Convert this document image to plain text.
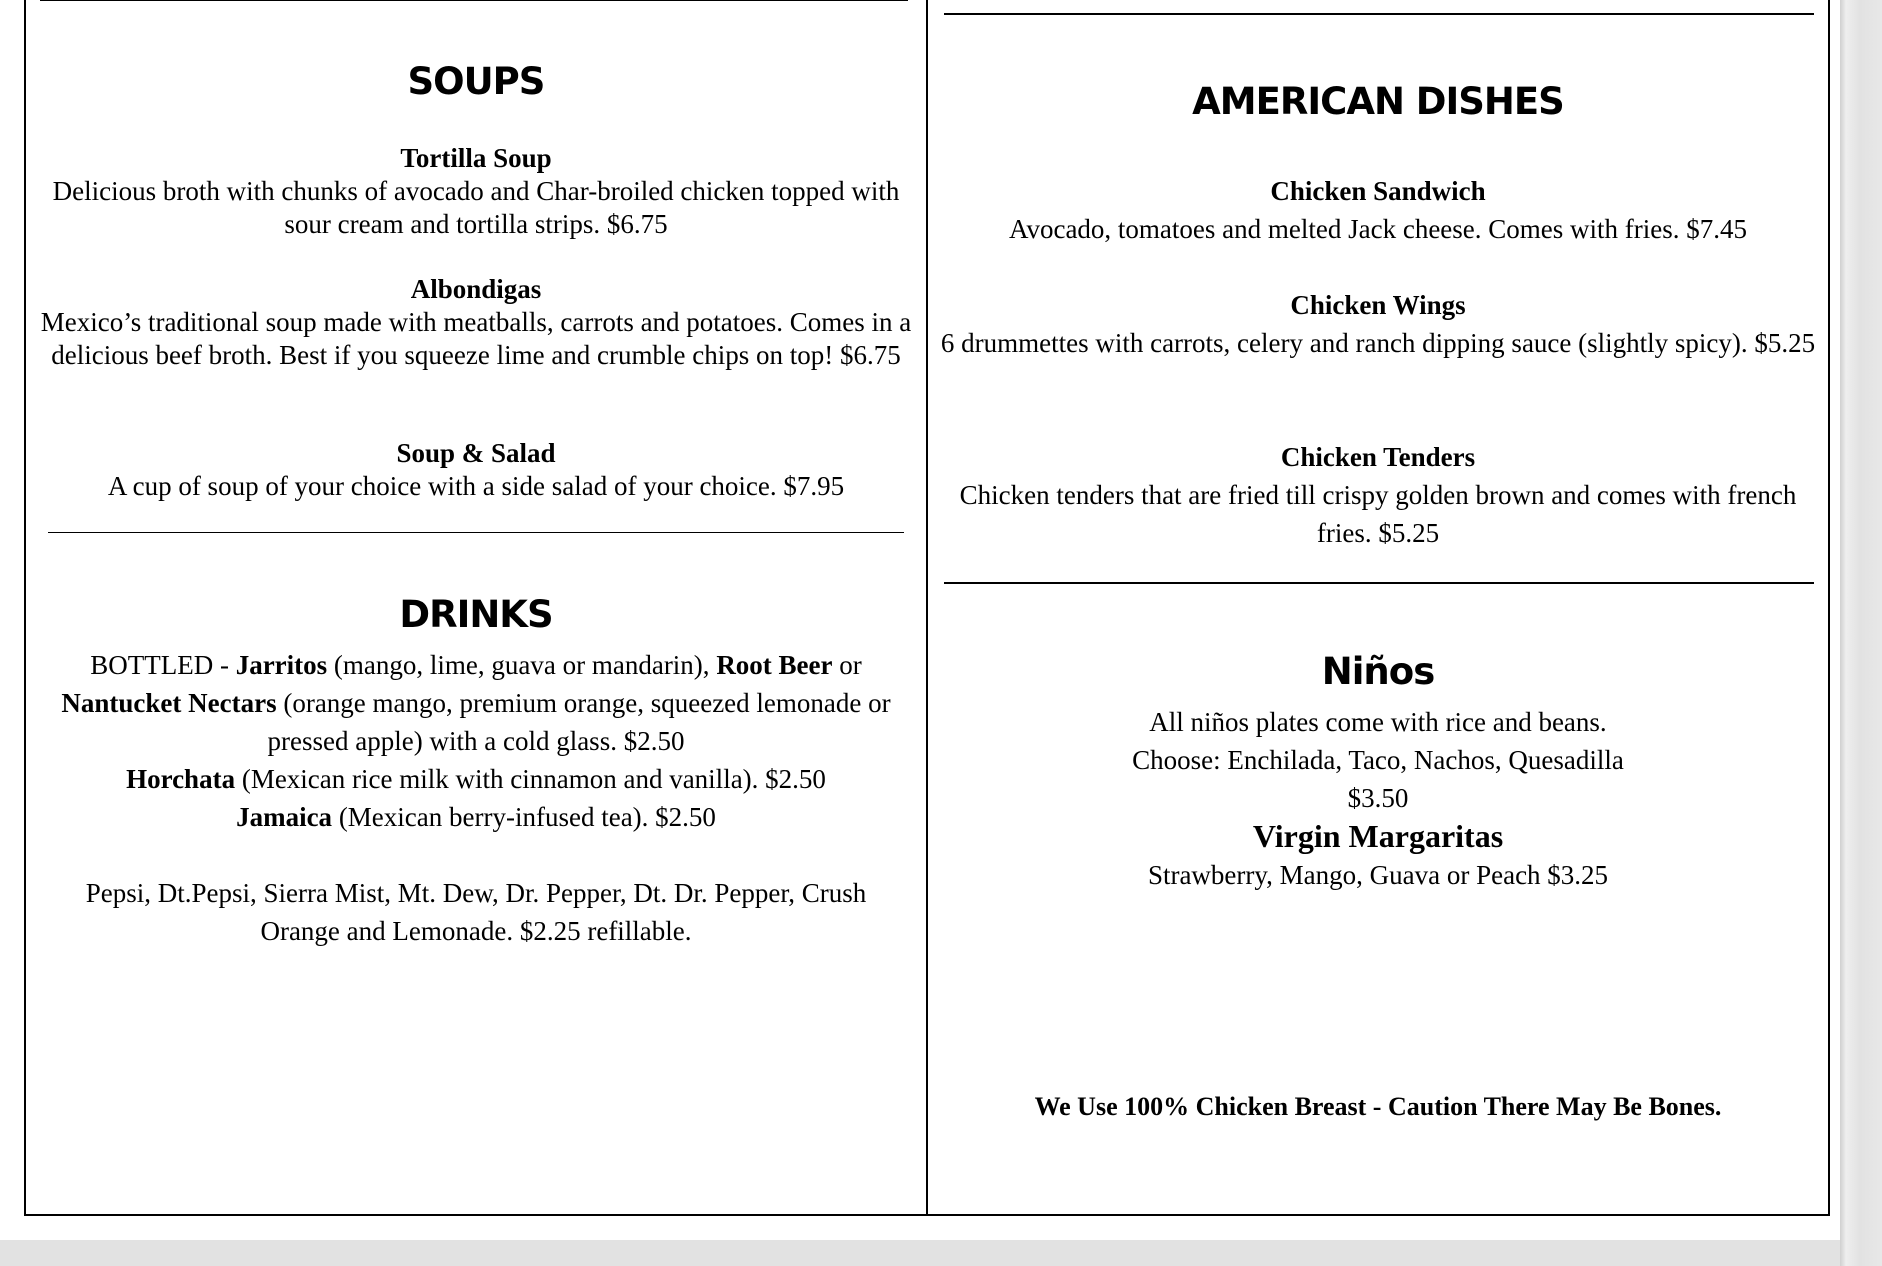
SOUPS
Tortilla Soup
Delicious broth with chunks of avocado and Char-broiled chicken topped with sour cream and tortilla strips. $6.75
Albondigas
Mexico’s traditional soup made with meatballs, carrots and potatoes. Comes in a delicious beef broth. Best if you squeeze lime and crumble chips on top! $6.75
Soup & Salad
A cup of soup of your choice with a side salad of your choice. $7.95
DRINKS
BOTTLED - Jarritos (mango, lime, guava or mandarin), Root Beer or Nantucket Nectars (orange mango, premium orange, squeezed lemonade or pressed apple) with a cold glass. $2.50
Horchata (Mexican rice milk with cinnamon and vanilla). $2.50
Jamaica (Mexican berry-infused tea). $2.50
Pepsi, Dt.Pepsi, Sierra Mist, Mt. Dew, Dr. Pepper, Dt. Dr. Pepper, Crush Orange and Lemonade. $2.25 refillable.
AMERICAN DISHES
Chicken Sandwich
Avocado, tomatoes and melted Jack cheese. Comes with fries. $7.45
Chicken Wings
6 drummettes with carrots, celery and ranch dipping sauce (slightly spicy). $5.25
Chicken Tenders
Chicken tenders that are fried till crispy golden brown and comes with french fries. $5.25
Niños
All niños plates come with rice and beans.
Choose: Enchilada, Taco, Nachos, Quesadilla
$3.50
Virgin Margaritas
Strawberry, Mango, Guava or Peach $3.25
We Use 100% Chicken Breast - Caution There May Be Bones.
